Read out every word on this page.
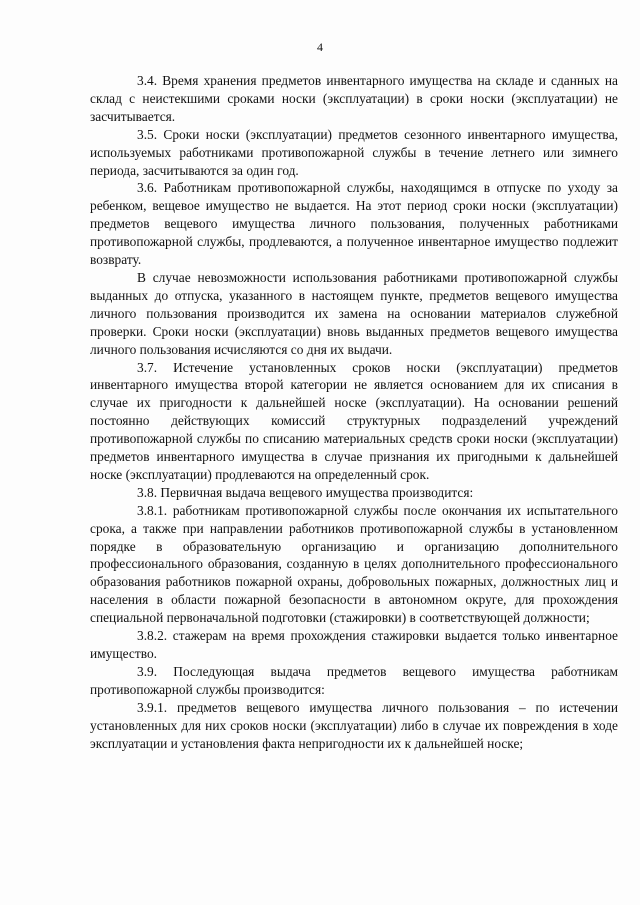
4

3.4. Время хранения предметов инвентарного имущества на складе и сданных на склад с неистекшими сроками носки (эксплуатации) в сроки носки (эксплуатации) не засчитывается.

3.5. Сроки носки (эксплуатации) предметов сезонного инвентарного имущества, используемых работниками противопожарной службы в течение летнего или зимнего периода, засчитываются за один год.

3.6. Работникам противопожарной службы, находящимся в отпуске по уходу за ребенком, вещевое имущество не выдается. На этот период сроки носки (эксплуатации) предметов вещевого имущества личного пользования, полученных работниками противопожарной службы, продлеваются, а полученное инвентарное имущество подлежит возврату.

В случае невозможности использования работниками противопожарной службы выданных до отпуска, указанного в настоящем пункте, предметов вещевого имущества личного пользования производится их замена на основании материалов служебной проверки. Сроки носки (эксплуатации) вновь выданных предметов вещевого имущества личного пользования исчисляются со дня их выдачи.

3.7. Истечение установленных сроков носки (эксплуатации) предметов инвентарного имущества второй категории не является основанием для их списания в случае их пригодности к дальнейшей носке (эксплуатации). На основании решений постоянно действующих комиссий структурных подразделений учреждений противопожарной службы по списанию материальных средств сроки носки (эксплуатации) предметов инвентарного имущества в случае признания их пригодными к дальнейшей носке (эксплуатации) продлеваются на определенный срок.

3.8. Первичная выдача вещевого имущества производится:

3.8.1. работникам противопожарной службы после окончания их испытательного срока, а также при направлении работников противопожарной службы в установленном порядке в образовательную организацию и организацию дополнительного профессионального образования, созданную в целях дополнительного профессионального образования работников пожарной охраны, добровольных пожарных, должностных лиц и населения в области пожарной безопасности в автономном округе, для прохождения специальной первоначальной подготовки (стажировки) в соответствующей должности;

3.8.2. стажерам на время прохождения стажировки выдается только инвентарное имущество.

3.9. Последующая выдача предметов вещевого имущества работникам противопожарной службы производится:

3.9.1. предметов вещевого имущества личного пользования – по истечении установленных для них сроков носки (эксплуатации) либо в случае их повреждения в ходе эксплуатации и установления факта непригодности их к дальнейшей носке;
